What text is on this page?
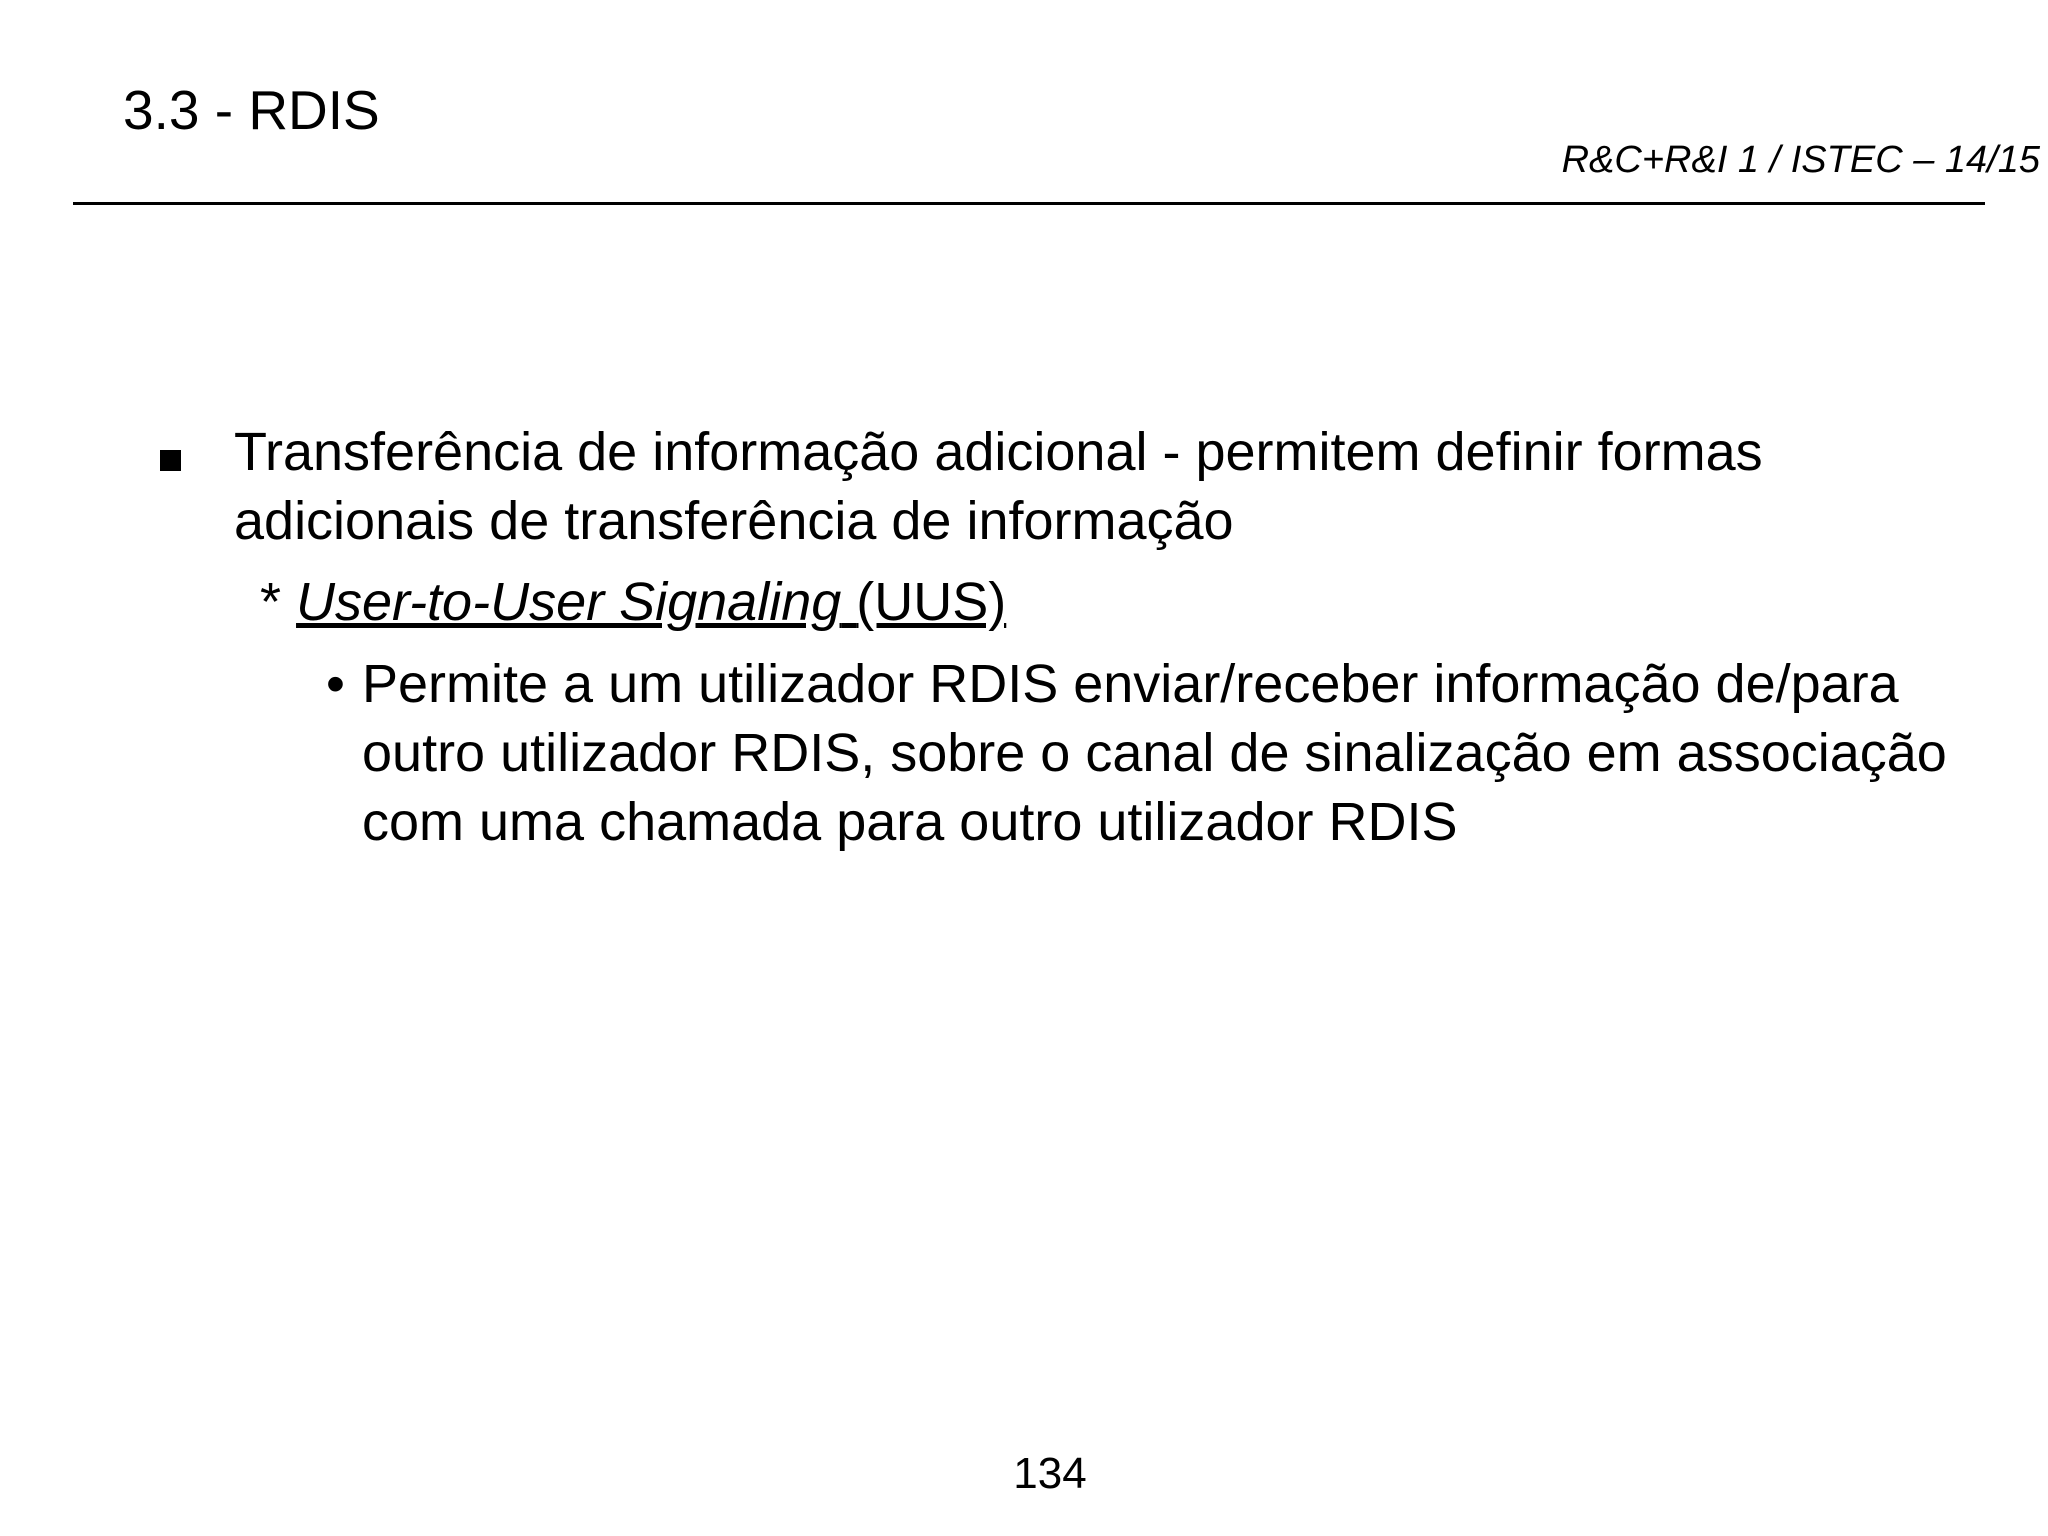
3.3 - RDIS
R&C+R&I 1 / ISTEC – 14/15
Transferência de informação adicional - permitem definir formas adicionais de transferência de informação
* User-to-User Signaling (UUS)
• Permite a um utilizador RDIS enviar/receber informação de/para outro utilizador RDIS, sobre o canal de sinalização em associação com uma chamada para outro utilizador RDIS
134
